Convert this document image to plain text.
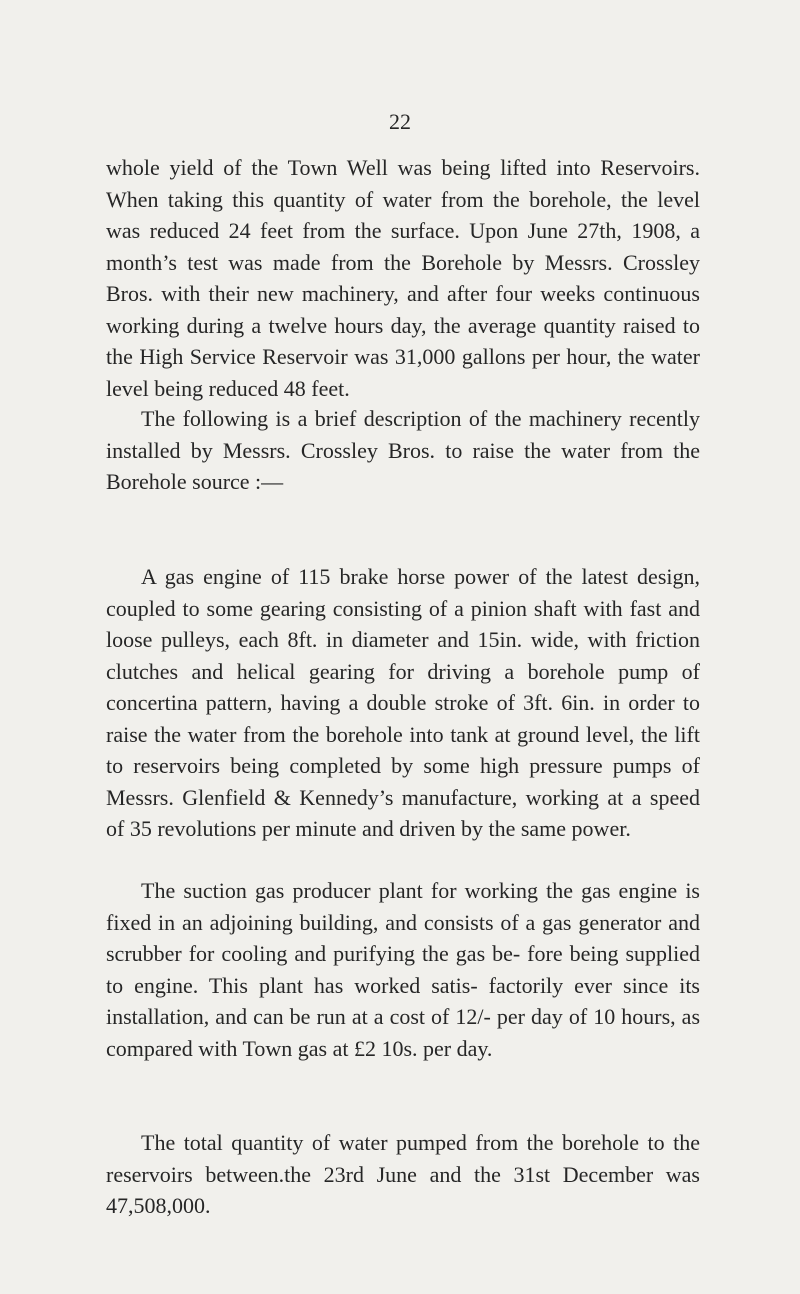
22

whole yield of the Town Well was being lifted into Reservoirs. When taking this quantity of water from the borehole, the level was reduced 24 feet from the surface. Upon June 27th, 1908, a month’s test was made from the Borehole by Messrs. Crossley Bros. with their new machinery, and after four weeks continuous working during a twelve hours day, the average quantity raised to the High Service Reservoir was 31,000 gallons per hour, the water level being reduced 48 feet.

The following is a brief description of the machinery recently installed by Messrs. Crossley Bros. to raise the water from the Borehole source :—

A gas engine of 115 brake horse power of the latest design, coupled to some gearing consisting of a pinion shaft with fast and loose pulleys, each 8ft. in diameter and 15in. wide, with friction clutches and helical gearing for driving a borehole pump of concertina pattern, having a double stroke of 3ft. 6in. in order to raise the water from the borehole into tank at ground level, the lift to reservoirs being completed by some high pressure pumps of Messrs. Glenfield & Kennedy’s manufacture, working at a speed of 35 revolutions per minute and driven by the same power.

The suction gas producer plant for working the gas engine is fixed in an adjoining building, and consists of a gas generator and scrubber for cooling and purifying the gas be- fore being supplied to engine. This plant has worked satis- factorily ever since its installation, and can be run at a cost of 12/- per day of 10 hours, as compared with Town gas at £2 10s. per day.

The total quantity of water pumped from the borehole to the reservoirs between.the 23rd June and the 31st December was 47,508,000.
